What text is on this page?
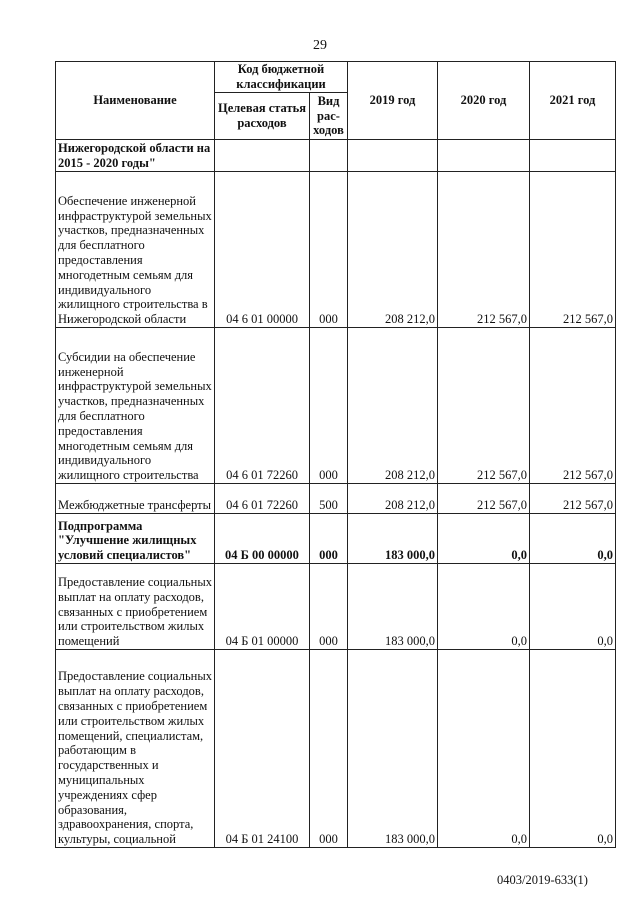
29
Наименование	Код бюджетной классификации		2019 год	2020 год	2021 год
	Целевая статья расходов	Вид рас-ходов			
Нижегородской области на 2015 - 2020 годы"					
Обеспечение инженерной инфраструктурой земельных участков, предназначенных для бесплатного предоставления многодетным семьям для индивидуального жилищного строительства в Нижегородской области	04 6 01 00000	000	208 212,0	212 567,0	212 567,0
Субсидии на обеспечение инженерной инфраструктурой земельных участков, предназначенных для бесплатного предоставления многодетным семьям для индивидуального жилищного строительства	04 6 01 72260	000	208 212,0	212 567,0	212 567,0
Межбюджетные трансферты	04 6 01 72260	500	208 212,0	212 567,0	212 567,0
Подпрограмма "Улучшение жилищных условий специалистов"	04 Б 00 00000	000	183 000,0	0,0	0,0
Предоставление социальных выплат на оплату расходов, связанных с приобретением или строительством жилых помещений	04 Б 01 00000	000	183 000,0	0,0	0,0
Предоставление социальных выплат на оплату расходов, связанных с приобретением или строительством жилых помещений, специалистам, работающим в государственных и муниципальных учреждениях сфер образования, здравоохранения, спорта, культуры, социальной	04 Б 01 24100	000	183 000,0	0,0	0,0
0403/2019-633(1)
